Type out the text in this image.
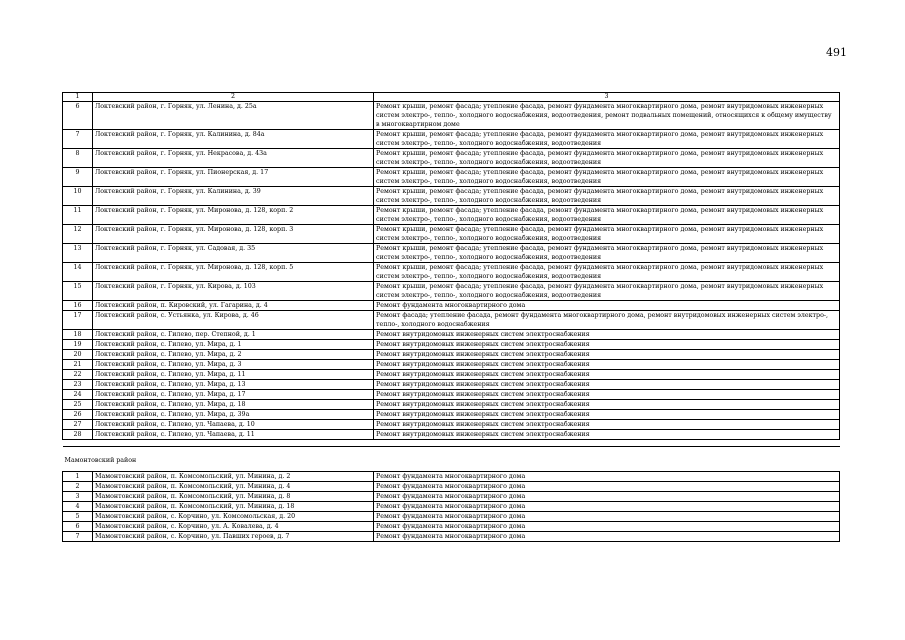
491
1	2	3
6	Локтевский район, г. Горняк, ул. Ленина, д. 25а	Ремонт крыши, ремонт фасада; утепление фасада, ремонт фундамента многоквартирного дома, ремонт внутридомовых инженерных систем электро-, тепло-, холодного водоснабжения, водоотведения, ремонт подвальных помещений, относящихся к общему имуществу в многоквартирном доме
7	Локтевский район, г. Горняк, ул. Калинина, д. 84а	Ремонт крыши, ремонт фасада; утепление фасада, ремонт фундамента многоквартирного дома, ремонт внутридомовых инженерных систем электро-, тепло-, холодного водоснабжения, водоотведения
8	Локтевский район, г. Горняк, ул. Некрасова, д. 43а	Ремонт крыши, ремонт фасада; утепление фасада, ремонт фундамента многоквартирного дома, ремонт внутридомовых инженерных систем электро-, тепло-, холодного водоснабжения, водоотведения
9	Локтевский район, г. Горняк, ул. Пионерская, д. 17	Ремонт крыши, ремонт фасада; утепление фасада, ремонт фундамента многоквартирного дома, ремонт внутридомовых инженерных систем электро-, тепло-, холодного водоснабжения, водоотведения
10	Локтевский район, г. Горняк, ул. Калинина, д. 39	Ремонт крыши, ремонт фасада; утепление фасада, ремонт фундамента многоквартирного дома, ремонт внутридомовых инженерных систем электро-, тепло-, холодного водоснабжения, водоотведения
11	Локтевский район, г. Горняк, ул. Миронова, д. 128, корп. 2	Ремонт крыши, ремонт фасада; утепление фасада, ремонт фундамента многоквартирного дома, ремонт внутридомовых инженерных систем электро-, тепло-, холодного водоснабжения, водоотведения
12	Локтевский район, г. Горняк, ул. Миронова, д. 128, корп. 3	Ремонт крыши, ремонт фасада; утепление фасада, ремонт фундамента многоквартирного дома, ремонт внутридомовых инженерных систем электро-, тепло-, холодного водоснабжения, водоотведения
13	Локтевский район, г. Горняк, ул. Садовая, д. 35	Ремонт крыши, ремонт фасада; утепление фасада, ремонт фундамента многоквартирного дома, ремонт внутридомовых инженерных систем электро-, тепло-, холодного водоснабжения, водоотведения
14	Локтевский район, г. Горняк, ул. Миронова, д. 128, корп. 5	Ремонт крыши, ремонт фасада; утепление фасада, ремонт фундамента многоквартирного дома, ремонт внутридомовых инженерных систем электро-, тепло-, холодного водоснабжения, водоотведения
15	Локтевский район, г. Горняк, ул. Кирова, д. 103	Ремонт крыши, ремонт фасада; утепление фасада, ремонт фундамента многоквартирного дома, ремонт внутридомовых инженерных систем электро-, тепло-, холодного водоснабжения, водоотведения
16	Локтевский район, п. Кировский, ул. Гагарина, д. 4	Ремонт фундамента многоквартирного дома
17	Локтевский район, с. Устьянка, ул. Кирова, д. 46	Ремонт фасада; утепление фасада, ремонт фундамента многоквартирного дома, ремонт внутридомовых инженерных систем электро-, тепло-, холодного водоснабжения
18	Локтевский район, с. Гилево, пер. Степной, д. 1	Ремонт внутридомовых инженерных систем электроснабжения
19	Локтевский район, с. Гилево, ул. Мира, д. 1	Ремонт внутридомовых инженерных систем электроснабжения
20	Локтевский район, с. Гилево, ул. Мира, д. 2	Ремонт внутридомовых инженерных систем электроснабжения
21	Локтевский район, с. Гилево, ул. Мира, д. 3	Ремонт внутридомовых инженерных систем электроснабжения
22	Локтевский район, с. Гилево, ул. Мира, д. 11	Ремонт внутридомовых инженерных систем электроснабжения
23	Локтевский район, с. Гилево, ул. Мира, д. 13	Ремонт внутридомовых инженерных систем электроснабжения
24	Локтевский район, с. Гилево, ул. Мира, д. 17	Ремонт внутридомовых инженерных систем электроснабжения
25	Локтевский район, с. Гилево, ул. Мира, д. 18	Ремонт внутридомовых инженерных систем электроснабжения
26	Локтевский район, с. Гилево, ул. Мира, д. 39а	Ремонт внутридомовых инженерных систем электроснабжения
27	Локтевский район, с. Гилево, ул. Чапаева, д. 10	Ремонт внутридомовых инженерных систем электроснабжения
28	Локтевский район, с. Гилево, ул. Чапаева, д. 11	Ремонт внутридомовых инженерных систем электроснабжения

Мамонтовский район		
1	Мамонтовский район, п. Комсомольский, ул. Минина, д. 2	Ремонт фундамента многоквартирного дома
2	Мамонтовский район, п. Комсомольский, ул. Минина, д. 4	Ремонт фундамента многоквартирного дома
3	Мамонтовский район, п. Комсомольский, ул. Минина, д. 8	Ремонт фундамента многоквартирного дома
4	Мамонтовский район, п. Комсомольский, ул. Минина, д. 18	Ремонт фундамента многоквартирного дома
5	Мамонтовский район, с. Корчино, ул. Комсомольская, д. 20	Ремонт фундамента многоквартирного дома
6	Мамонтовский район, с. Корчино, ул. А. Ковалева, д. 4	Ремонт фундамента многоквартирного дома
7	Мамонтовский район, с. Корчино, ул. Павших героев, д. 7	Ремонт фундамента многоквартирного дома
